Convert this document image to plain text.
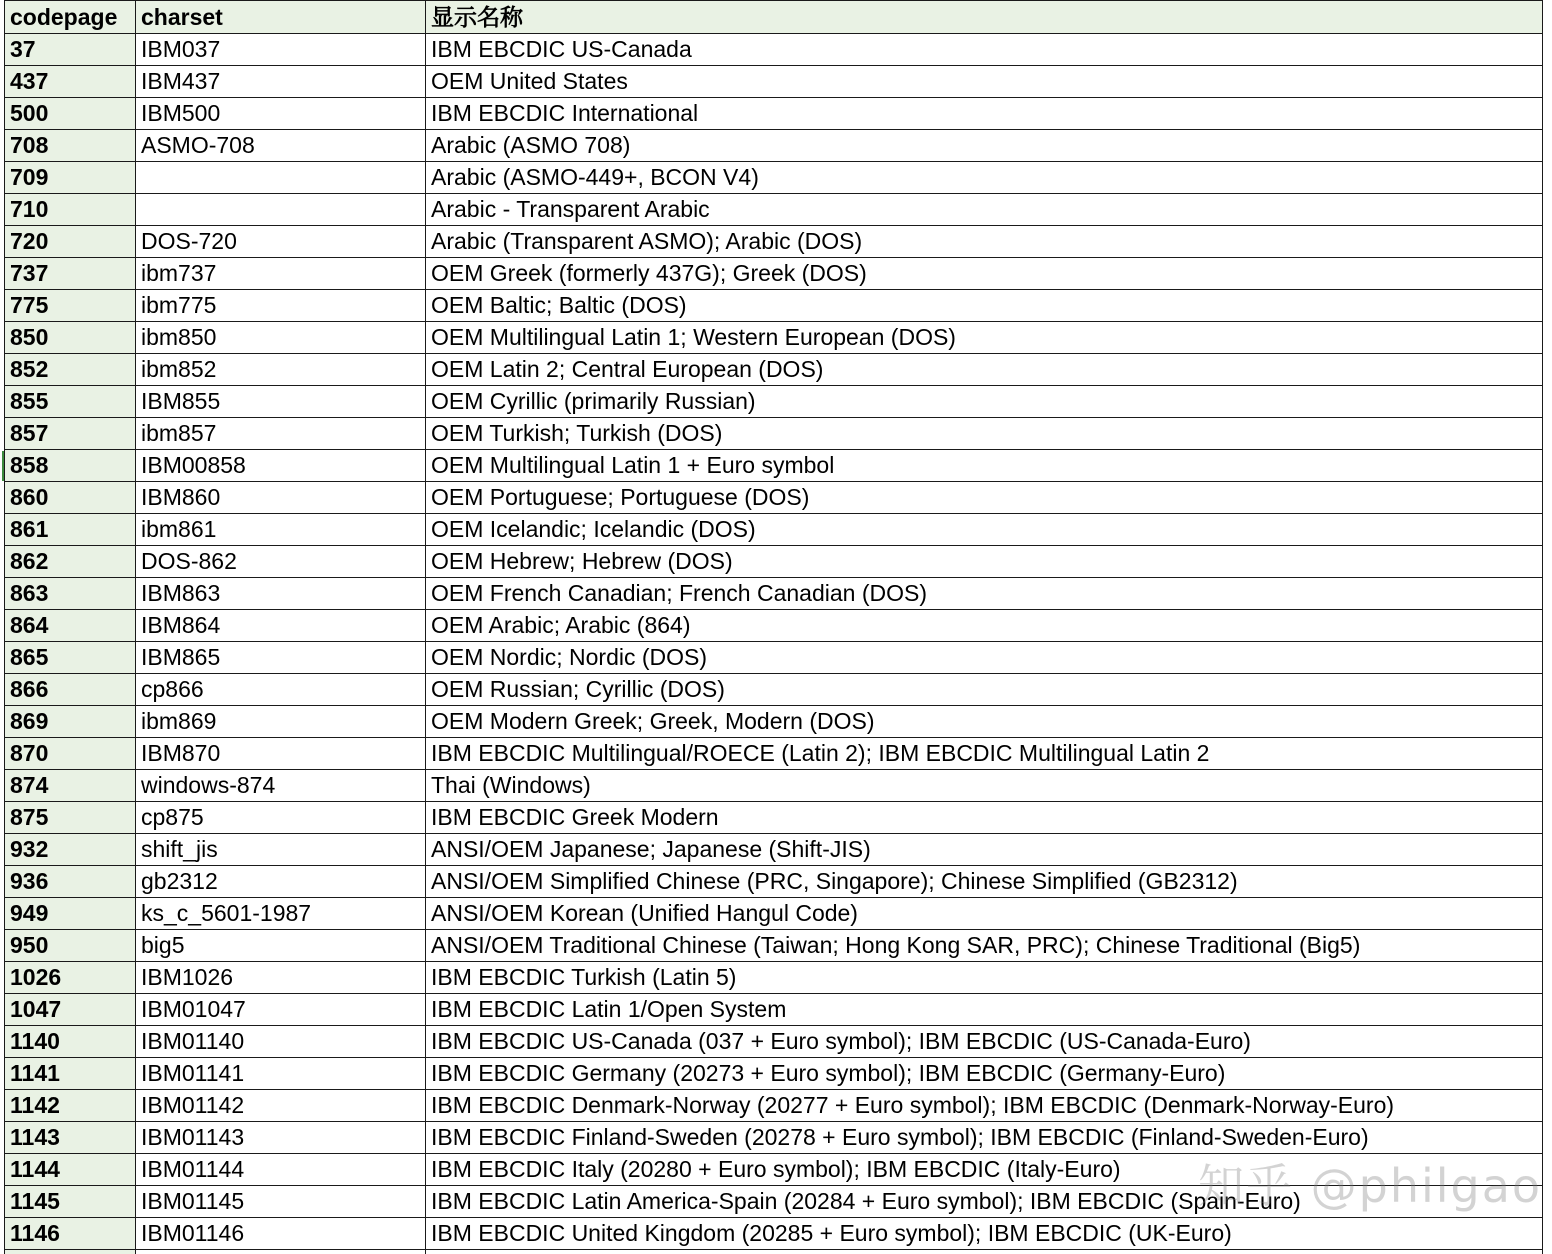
codepage	charset	显示名称
37	IBM037	IBM EBCDIC US-Canada
437	IBM437	OEM United States
500	IBM500	IBM EBCDIC International
708	ASMO-708	Arabic (ASMO 708)
709		Arabic (ASMO-449+, BCON V4)
710		Arabic - Transparent Arabic
720	DOS-720	Arabic (Transparent ASMO); Arabic (DOS)
737	ibm737	OEM Greek (formerly 437G); Greek (DOS)
775	ibm775	OEM Baltic; Baltic (DOS)
850	ibm850	OEM Multilingual Latin 1; Western European (DOS)
852	ibm852	OEM Latin 2; Central European (DOS)
855	IBM855	OEM Cyrillic (primarily Russian)
857	ibm857	OEM Turkish; Turkish (DOS)
858	IBM00858	OEM Multilingual Latin 1 + Euro symbol
860	IBM860	OEM Portuguese; Portuguese (DOS)
861	ibm861	OEM Icelandic; Icelandic (DOS)
862	DOS-862	OEM Hebrew; Hebrew (DOS)
863	IBM863	OEM French Canadian; French Canadian (DOS)
864	IBM864	OEM Arabic; Arabic (864)
865	IBM865	OEM Nordic; Nordic (DOS)
866	cp866	OEM Russian; Cyrillic (DOS)
869	ibm869	OEM Modern Greek; Greek, Modern (DOS)
870	IBM870	IBM EBCDIC Multilingual/ROECE (Latin 2); IBM EBCDIC Multilingual Latin 2
874	windows-874	Thai (Windows)
875	cp875	IBM EBCDIC Greek Modern
932	shift_jis	ANSI/OEM Japanese; Japanese (Shift-JIS)
936	gb2312	ANSI/OEM Simplified Chinese (PRC, Singapore); Chinese Simplified (GB2312)
949	ks_c_5601-1987	ANSI/OEM Korean (Unified Hangul Code)
950	big5	ANSI/OEM Traditional Chinese (Taiwan; Hong Kong SAR, PRC); Chinese Traditional (Big5)
1026	IBM1026	IBM EBCDIC Turkish (Latin 5)
1047	IBM01047	IBM EBCDIC Latin 1/Open System
1140	IBM01140	IBM EBCDIC US-Canada (037 + Euro symbol); IBM EBCDIC (US-Canada-Euro)
1141	IBM01141	IBM EBCDIC Germany (20273 + Euro symbol); IBM EBCDIC (Germany-Euro)
1142	IBM01142	IBM EBCDIC Denmark-Norway (20277 + Euro symbol); IBM EBCDIC (Denmark-Norway-Euro)
1143	IBM01143	IBM EBCDIC Finland-Sweden (20278 + Euro symbol); IBM EBCDIC (Finland-Sweden-Euro)
1144	IBM01144	IBM EBCDIC Italy (20280 + Euro symbol); IBM EBCDIC (Italy-Euro)
1145	IBM01145	IBM EBCDIC Latin America-Spain (20284 + Euro symbol); IBM EBCDIC (Spain-Euro)
1146	IBM01146	IBM EBCDIC United Kingdom (20285 + Euro symbol); IBM EBCDIC (UK-Euro)

知乎 @philgao
